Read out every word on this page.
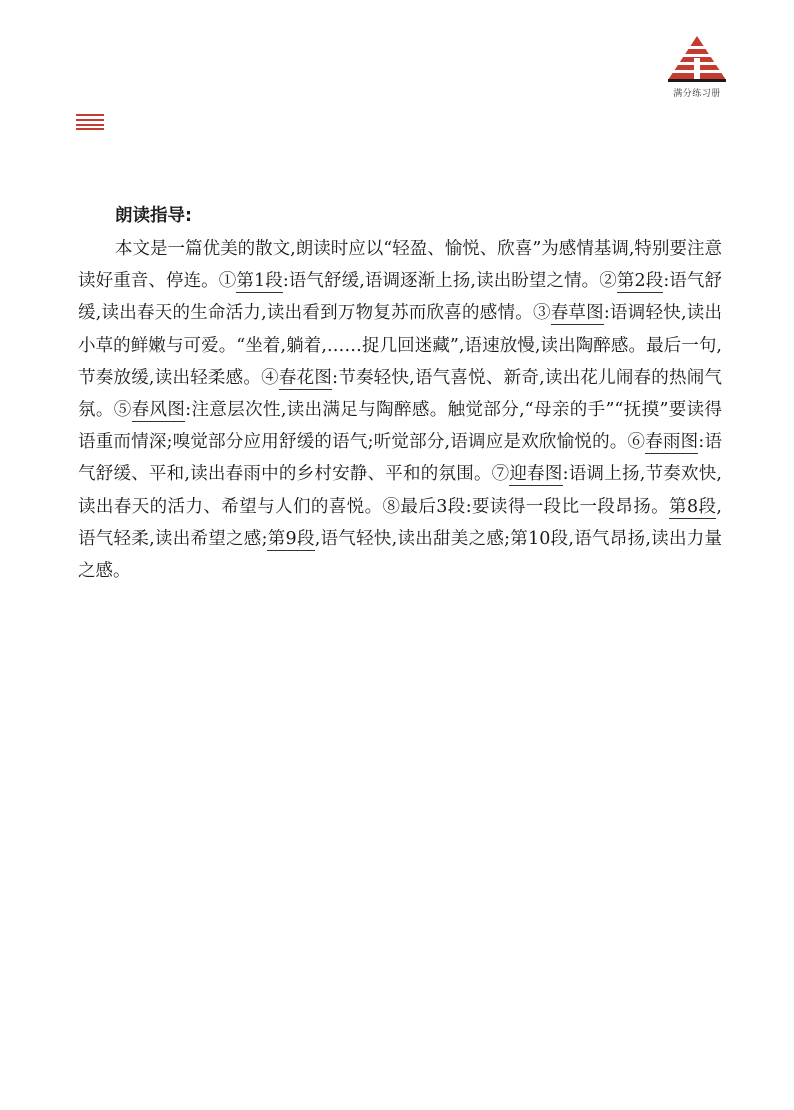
满分练习册

朗读指导:

本文是一篇优美的散文,朗读时应以“轻盈、愉悦、欣喜”为感情基调,特别要注意读好重音、停连。①第1段:语气舒缓,语调逐渐上扬,读出盼望之情。②第2段:语气舒缓,读出春天的生命活力,读出看到万物复苏而欣喜的感情。③春草图:语调轻快,读出小草的鲜嫩与可爱。“坐着,躺着,……捉几回迷藏”,语速放慢,读出陶醉感。最后一句,节奏放缓,读出轻柔感。④春花图:节奏轻快,语气喜悦、新奇,读出花儿闹春的热闹气氛。⑤春风图:注意层次性,读出满足与陶醉感。触觉部分,“母亲的手”“抚摸”要读得语重而情深;嗅觉部分应用舒缓的语气;听觉部分,语调应是欢欣愉悦的。⑥春雨图:语气舒缓、平和,读出春雨中的乡村安静、平和的氛围。⑦迎春图:语调上扬,节奏欢快,读出春天的活力、希望与人们的喜悦。⑧最后3段:要读得一段比一段昂扬。第8段,语气轻柔,读出希望之感;第9段,语气轻快,读出甜美之感;第10段,语气昂扬,读出力量之感。
